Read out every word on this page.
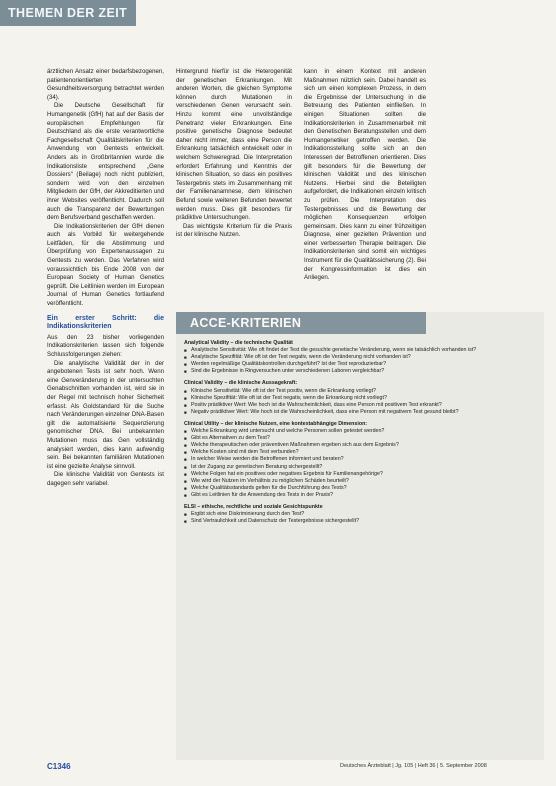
THEMEN DER ZEIT

ärztlichen Ansatz einer bedarfsbezogenen, patientenorientierten Gesundheitsversorgung betrachtet werden (34).

Die Deutsche Gesellschaft für Humangenetik (GfH) hat auf der Basis der europäischen Empfehlungen für Deutschland als die erste verantwortliche Fachgesellschaft Qualitätskriterien für die Anwendung von Gentests entwickelt. Anders als in Großbritannien wurde die Indikationsliste entsprechend „Gene Dossiers“ (Beilage) noch nicht publiziert, sondern wird von den einzelnen Mitgliedern der GfH, der Akkreditierten und ihrer Websites veröffentlicht. Dadurch soll auch die Transparenz der Bewertungen dem Berufsverband geschaffen werden.

Die Indikationskriterien der GfH dienen auch als Vorbild für weitergehende Leitfäden, für die Abstimmung und Überprüfung von Expertenaussagen zu Gentests zu werden. Das Verfahren wird voraussichtlich bis Ende 2008 von der European Society of Human Genetics geprüft. Die Leitlinien werden im European Journal of Human Genetics fortlaufend veröffentlicht.

Ein erster Schritt: die Indikationskriterien

Aus den 23 bisher vorliegenden Indikationskriterien lassen sich folgende Schlussfolgerungen ziehen:

Die analytische Validität der in der angebotenen Tests ist sehr hoch. Wenn eine Genveränderung in der untersuchten Genabschnitten vorhanden ist, wird sie in der Regel mit technisch hoher Sicherheit erfasst. Als Goldstandard für die Suche nach Veränderungen einzelner DNA-Basen gilt die automatisierte Sequenzierung genomischer DNA. Bei unbekannten Mutationen muss das Gen vollständig analysiert werden, dies kann aufwendig sein. Bei bekannten familiären Mutationen ist eine gezielte Analyse sinnvoll.

Die klinische Validität von Gentests ist dagegen sehr variabel.

Hintergrund hierfür ist die Heterogenität der genetischen Erkrankungen. Mit anderen Worten, die gleichen Symptome können durch Mutationen in verschiedenen Genen verursacht sein. Hinzu kommt eine unvollständige Penetranz vieler Erkrankungen. Eine positive genetische Diagnose bedeutet daher nicht immer, dass eine Person die Erkrankung tatsächlich entwickelt oder in welchem Schweregrad. Die Interpretation erfordert Erfahrung und Kenntnis der klinischen Situation, so dass ein positives Testergebnis stets im Zusammenhang mit der Familienanamnese, dem klinischen Befund sowie weiteren Befunden bewertet werden muss. Dies gilt besonders für prädiktive Untersuchungen.

Das wichtigste Kriterium für die Praxis ist der klinische Nutzen.

kann in einem Kontext mit anderen Maßnahmen nützlich sein. Dabei handelt es sich um einen komplexen Prozess, in dem die Ergebnisse der Untersuchung in die Betreuung des Patienten einfließen. In einigen Situationen sollten die Indikationskriterien in Zusammenarbeit mit den Genetischen Beratungsstellen und dem Humangenetiker getroffen werden. Die Indikationsstellung sollte sich an den Interessen der Betroffenen orientieren. Dies gilt besonders für die Bewertung der klinischen Validität und des klinischen Nutzens. Hierbei sind die Beteiligten aufgefordert, die Indikationen einzeln kritisch zu prüfen. Die Interpretation des Testergebnisses und die Bewertung der möglichen Konsequenzen erfolgen gemeinsam. Dies kann zu einer frühzeitigen Diagnose, einer gezielten Prävention und einer verbesserten Therapie beitragen. Die Indikationskriterien sind somit ein wichtiges Instrument für die Qualitätssicherung (2). Bei der Kongressinformation ist dies ein Anliegen.

ACCE-KRITERIEN
Analytical Validity – die technische Qualität
■ Analytische Sensitivität: Wie oft findet der Test die gesuchte genetische Veränderung, wenn sie tatsächlich vorhanden ist?
■ Analytische Spezifität: Wie oft ist der Test negativ, wenn die Veränderung nicht vorhanden ist?
■ Werden regelmäßige Qualitätskontrollen durchgeführt? Ist der Test reproduzierbar?
■ Sind die Ergebnisse in Ringversuchen unter verschiedenen Laboren vergleichbar?
Clinical Validity – die klinische Aussagekraft:
■ Klinische Sensitivität: Wie oft ist der Test positiv, wenn die Erkrankung vorliegt?
■ Klinische Spezifität: Wie oft ist der Test negativ, wenn die Erkrankung nicht vorliegt?
■ Positiv prädiktiver Wert: Wie hoch ist die Wahrscheinlichkeit, dass eine Person mit positivem Test erkrankt?
■ Negativ prädiktiver Wert: Wie hoch ist die Wahrscheinlichkeit, dass eine Person mit negativem Test gesund bleibt?
Clinical Utility – der klinische Nutzen, eine kontextabhängige Dimension:
■ Welche Erkrankung wird untersucht und welche Personen sollen getestet werden?
■ Gibt es Alternativen zu dem Test?
■ Welche therapeutischen oder präventiven Maßnahmen ergeben sich aus dem Ergebnis?
■ Welche Kosten sind mit dem Test verbunden?
■ In welcher Weise werden die Betroffenen informiert und beraten?
■ Ist der Zugang zur genetischen Beratung sichergestellt?
■ Welche Folgen hat ein positives oder negatives Ergebnis für Familienangehörige?
■ Wie wird der Nutzen im Verhältnis zu möglichen Schäden beurteilt?
■ Welche Qualitätsstandards gelten für die Durchführung des Tests?
■ Gibt es Leitlinien für die Anwendung des Tests in der Praxis?
ELSI – ethische, rechtliche und soziale Gesichtspunkte
■ Ergibt sich eine Diskriminierung durch den Test?
■ Sind Vertraulichkeit und Datenschutz der Testergebnisse sichergestellt?
C1346	Deutsches Ärzteblatt | Jg. 105 | Heft 36 | 5. September 2008
